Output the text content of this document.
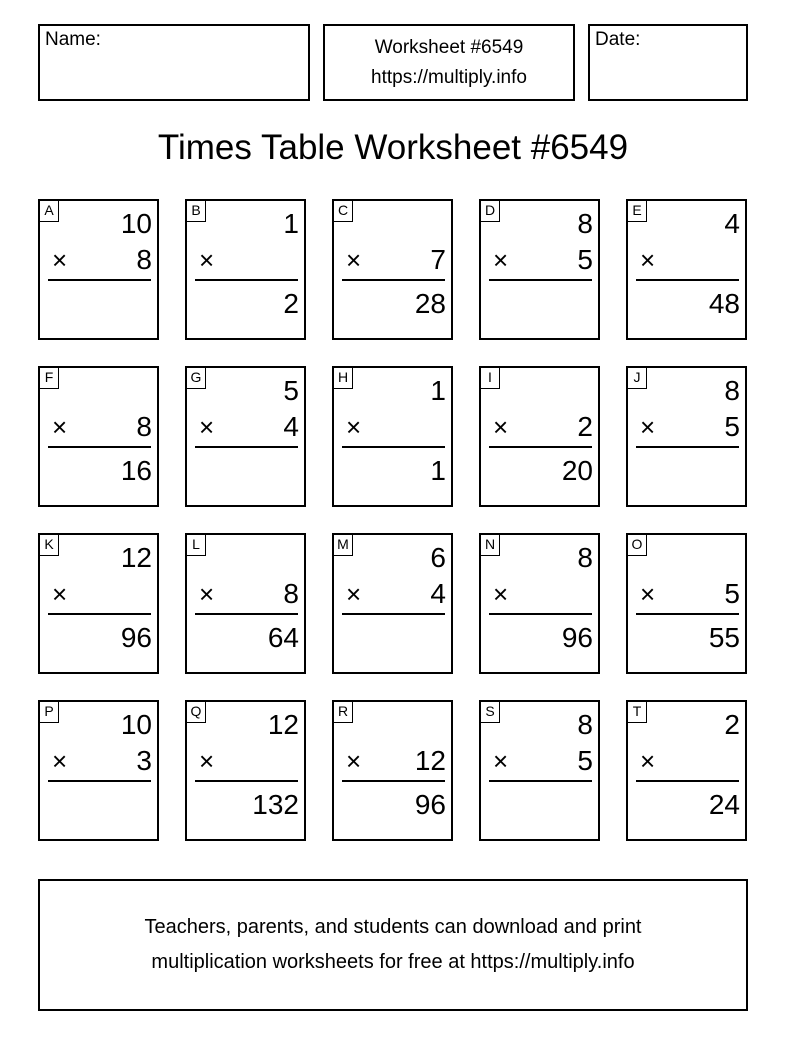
Name:	Worksheet #6549
https://multiply.info
Date:
Times Table Worksheet #6549
A 10
× 8
B	1
×
2
C
× 7
28
D	8
× 5
E	4
×
48
F
× 8
16
G	5
× 4
H	1
×
1
I
× 2
20
J	8
× 5
K 12
×
96
L
× 8
64
M	6
× 4
N	8
×
96
O
× 5
55
P 10
× 3
Q 12
×
132
R
× 12
96
S	8
× 5
T	2
×
24
Teachers, parents, and students can download and print
multiplication worksheets for free at https://multiply.info
